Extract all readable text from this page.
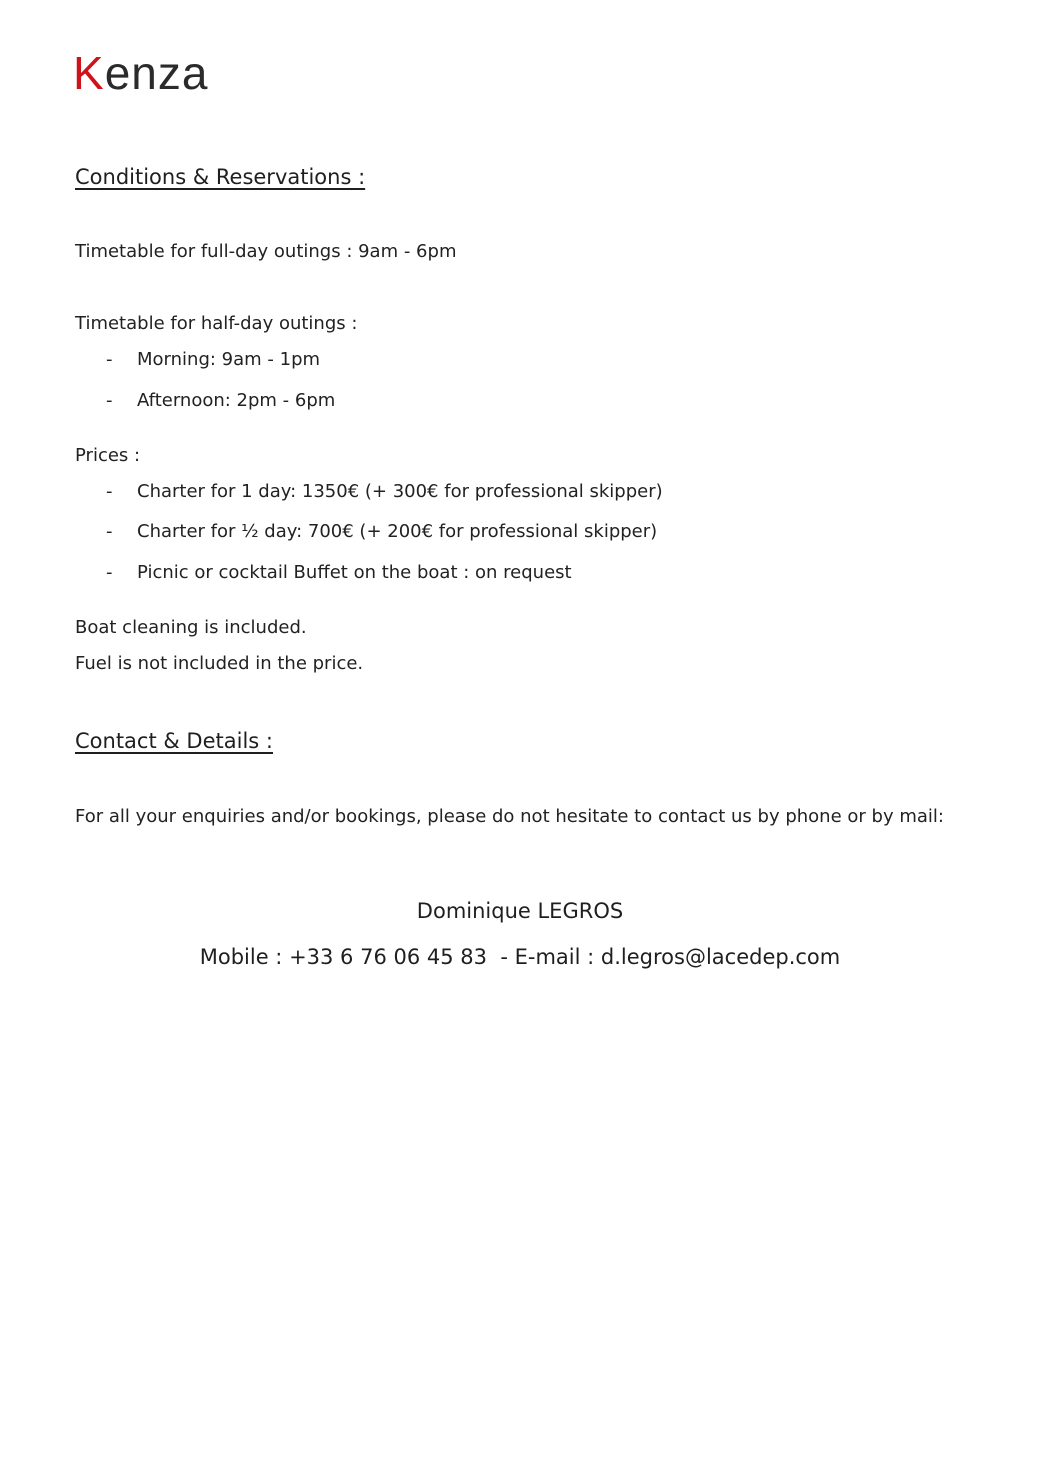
Kenza
Conditions & Reservations :
Timetable for full-day outings : 9am - 6pm
Timetable for half-day outings :
- Morning: 9am - 1pm
- Afternoon: 2pm - 6pm
Prices :
- Charter for 1 day: 1350€ (+ 300€ for professional skipper)
- Charter for ½ day: 700€ (+ 200€ for professional skipper)
- Picnic or cocktail Buffet on the boat : on request
Boat cleaning is included.
Fuel is not included in the price.
Contact & Details :
For all your enquiries and/or bookings, please do not hesitate to contact us by phone or by mail:
Dominique LEGROS
Mobile : +33 6 76 06 45 83  - E-mail : d.legros@lacedep.com
